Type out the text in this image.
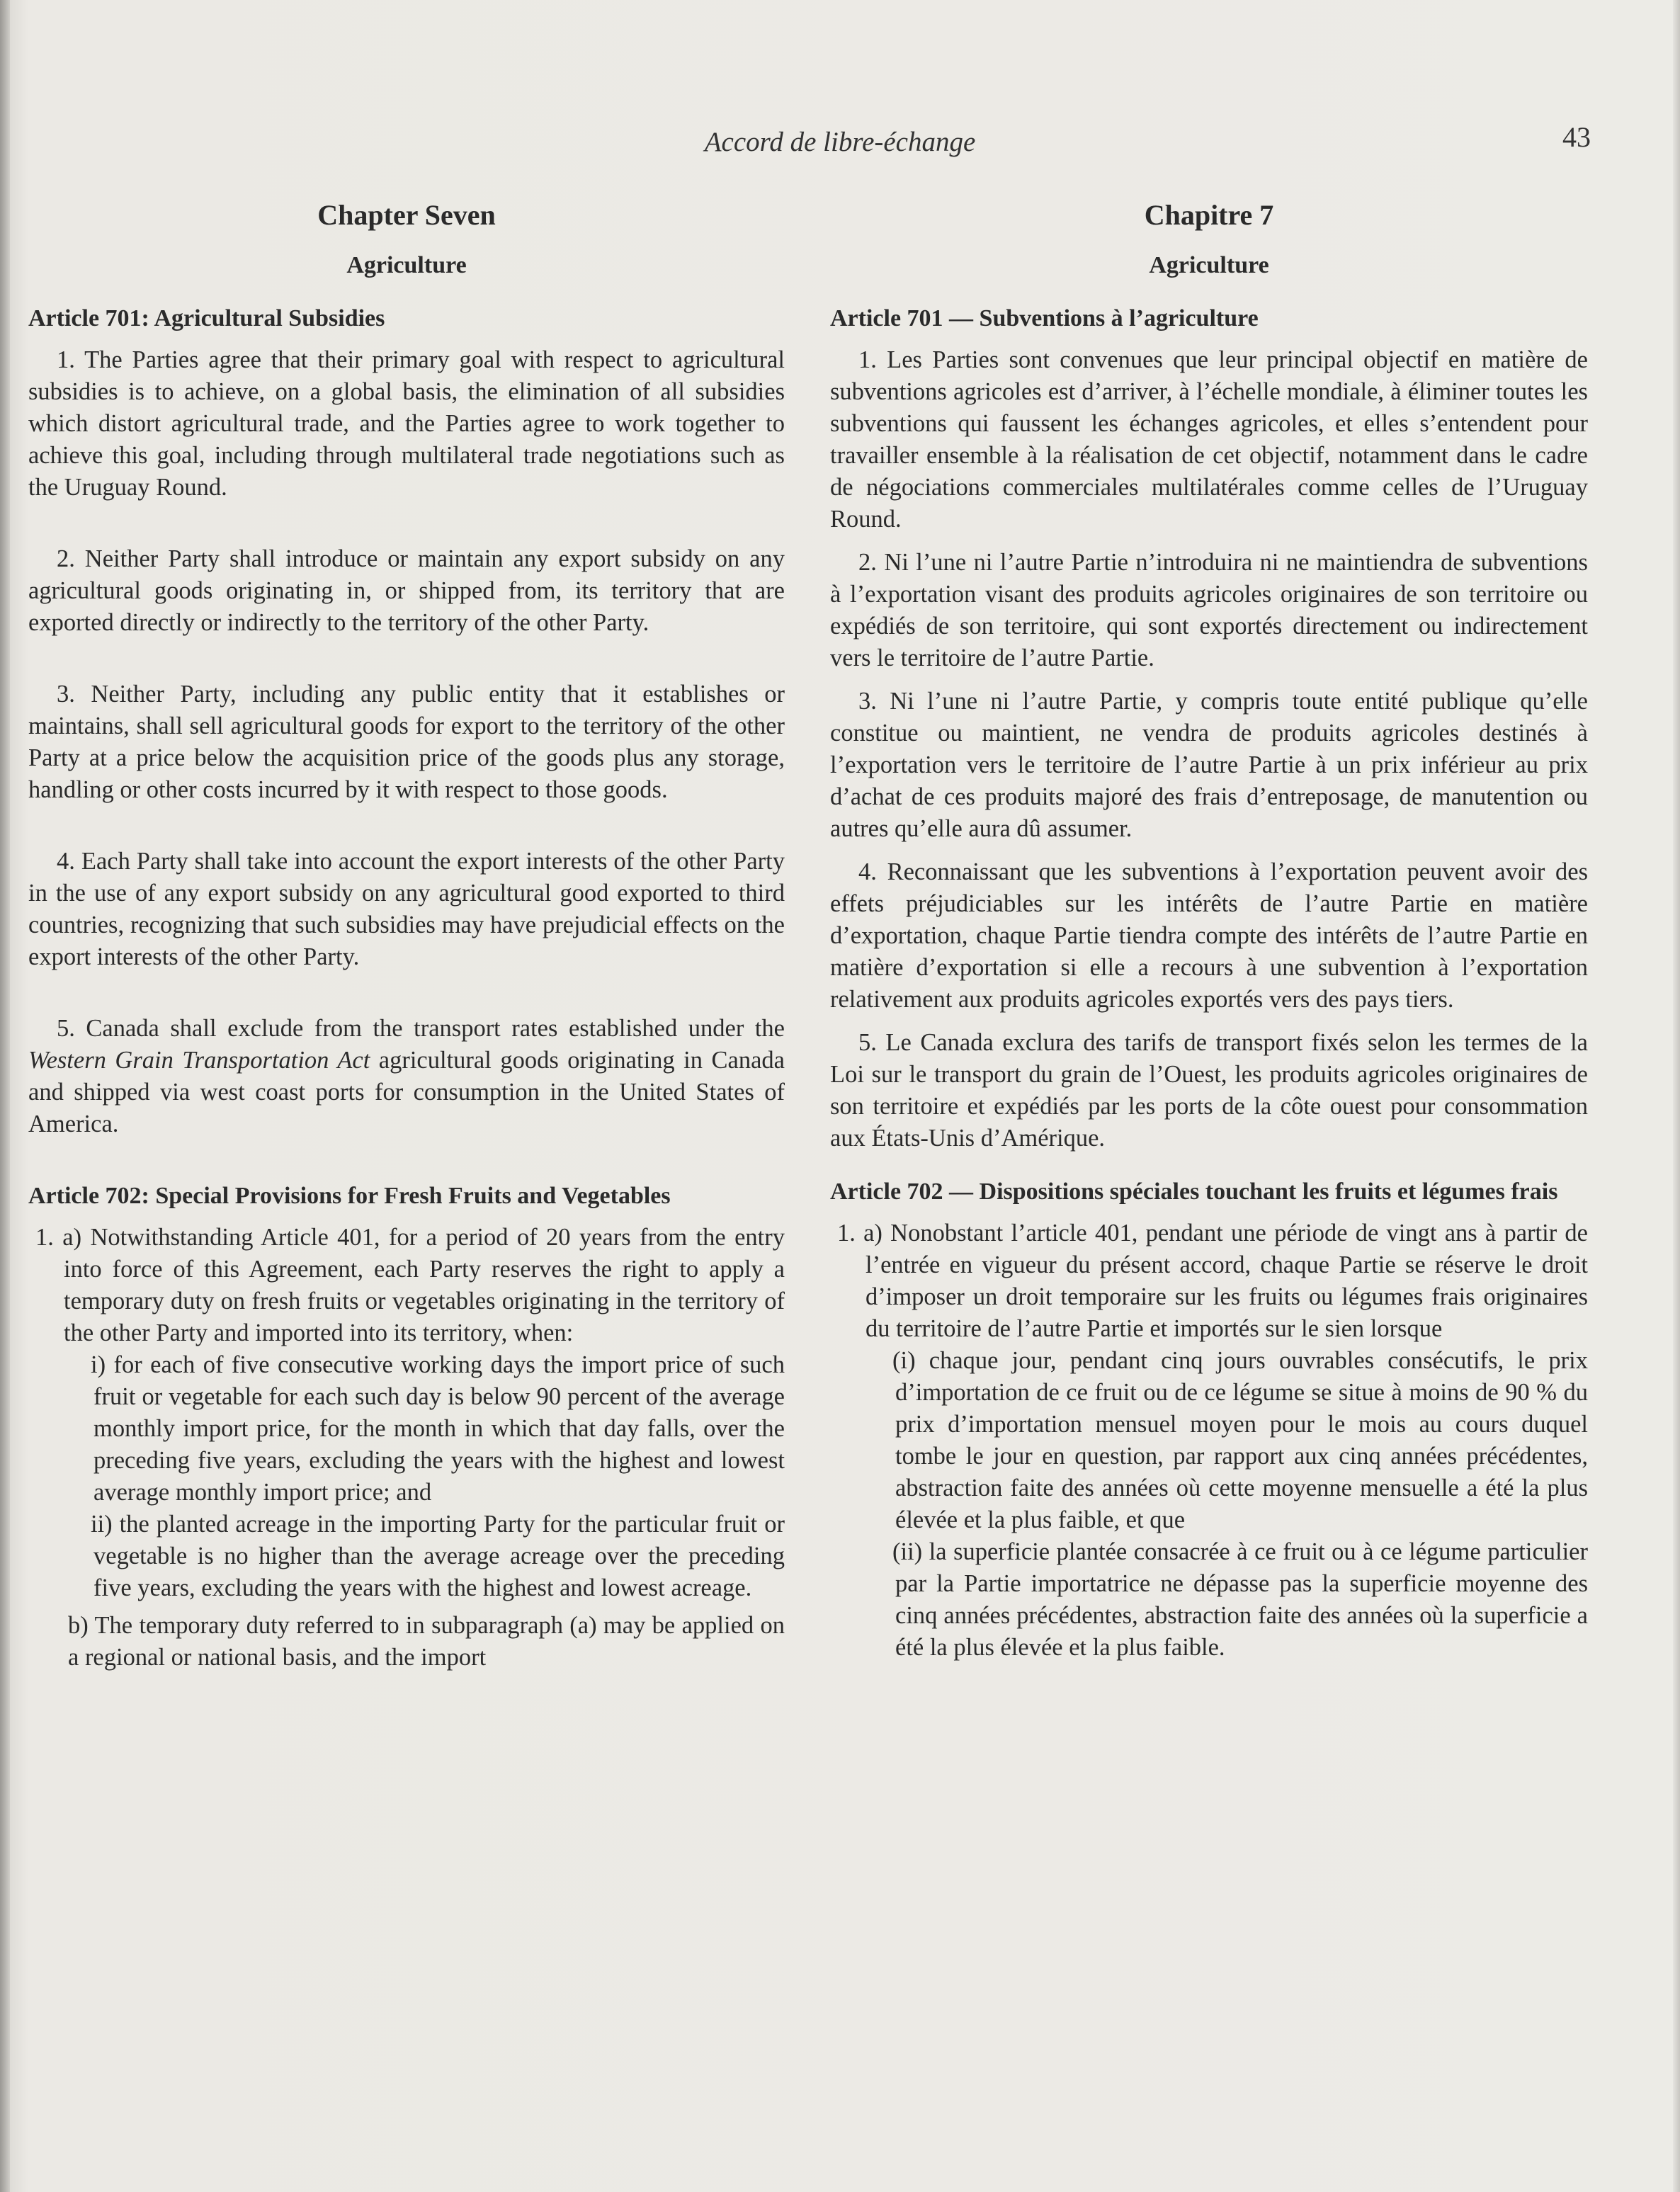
Accord de libre-échange	43
Chapter Seven
Agriculture
Article 701: Agricultural Subsidies

1. The Parties agree that their primary goal with respect to agricultural subsidies is to achieve, on a global basis, the elimination of all subsidies which distort agricultural trade, and the Parties agree to work together to achieve this goal, including through multilateral trade negotiations such as the Uruguay Round.

2. Neither Party shall introduce or maintain any export subsidy on any agricultural goods originating in, or shipped from, its territory that are exported directly or indirectly to the territory of the other Party.

3. Neither Party, including any public entity that it establishes or maintains, shall sell agricultural goods for export to the territory of the other Party at a price below the acquisition price of the goods plus any storage, handling or other costs incurred by it with respect to those goods.

4. Each Party shall take into account the export interests of the other Party in the use of any export subsidy on any agricultural good exported to third countries, recognizing that such subsidies may have prejudicial effects on the export interests of the other Party.

5. Canada shall exclude from the transport rates established under the Western Grain Transportation Act agricultural goods originating in Canada and shipped via west coast ports for consumption in the United States of America.

Article 702: Special Provisions for Fresh Fruits and Vegetables
1. a) Notwithstanding Article 401, for a period of 20 years from the entry into force of this Agreement, each Party reserves the right to apply a temporary duty on fresh fruits or vegetables originating in the territory of the other Party and imported into its territory, when:
i) for each of five consecutive working days the import price of such fruit or vegetable for each such day is below 90 percent of the average monthly import price, for the month in which that day falls, over the preceding five years, excluding the years with the highest and lowest average monthly import price; and
ii) the planted acreage in the importing Party for the particular fruit or vegetable is no higher than the average acreage over the preceding five years, excluding the years with the highest and lowest acreage.
b) The temporary duty referred to in subparagraph (a) may be applied on a regional or national basis, and the import
Chapitre 7
Agriculture
Article 701 — Subventions à l’agriculture

1. Les Parties sont convenues que leur principal objectif en matière de subventions agricoles est d’arriver, à l’échelle mondiale, à éliminer toutes les subventions qui faussent les échanges agricoles, et elles s’entendent pour travailler ensemble à la réalisation de cet objectif, notamment dans le cadre de négociations commerciales multilatérales comme celles de l’Uruguay Round.

2. Ni l’une ni l’autre Partie n’introduira ni ne maintiendra de subventions à l’exportation visant des produits agricoles originaires de son territoire ou expédiés de son territoire, qui sont exportés directement ou indirectement vers le territoire de l’autre Partie.

3. Ni l’une ni l’autre Partie, y compris toute entité publique qu’elle constitue ou maintient, ne vendra de produits agricoles destinés à l’exportation vers le territoire de l’autre Partie à un prix inférieur au prix d’achat de ces produits majoré des frais d’entreposage, de manutention ou autres qu’elle aura dû assumer.

4. Reconnaissant que les subventions à l’exportation peuvent avoir des effets préjudiciables sur les intérêts de l’autre Partie en matière d’exportation, chaque Partie tiendra compte des intérêts de l’autre Partie en matière d’exportation si elle a recours à une subvention à l’exportation relativement aux produits agricoles exportés vers des pays tiers.

5. Le Canada exclura des tarifs de transport fixés selon les termes de la Loi sur le transport du grain de l’Ouest, les produits agricoles originaires de son territoire et expédiés par les ports de la côte ouest pour consommation aux États-Unis d’Amérique.

Article 702 — Dispositions spéciales touchant les fruits et légumes frais
1. a) Nonobstant l’article 401, pendant une période de vingt ans à partir de l’entrée en vigueur du présent accord, chaque Partie se réserve le droit d’imposer un droit temporaire sur les fruits ou légumes frais originaires du territoire de l’autre Partie et importés sur le sien lorsque
(i) chaque jour, pendant cinq jours ouvrables consécutifs, le prix d’importation de ce fruit ou de ce légume se situe à moins de 90 % du prix d’importation mensuel moyen pour le mois au cours duquel tombe le jour en question, par rapport aux cinq années précédentes, abstraction faite des années où cette moyenne mensuelle a été la plus élevée et la plus faible, et que
(ii) la superficie plantée consacrée à ce fruit ou à ce légume particulier par la Partie importatrice ne dépasse pas la superficie moyenne des cinq années précédentes, abstraction faite des années où la superficie a été la plus élevée et la plus faible.
